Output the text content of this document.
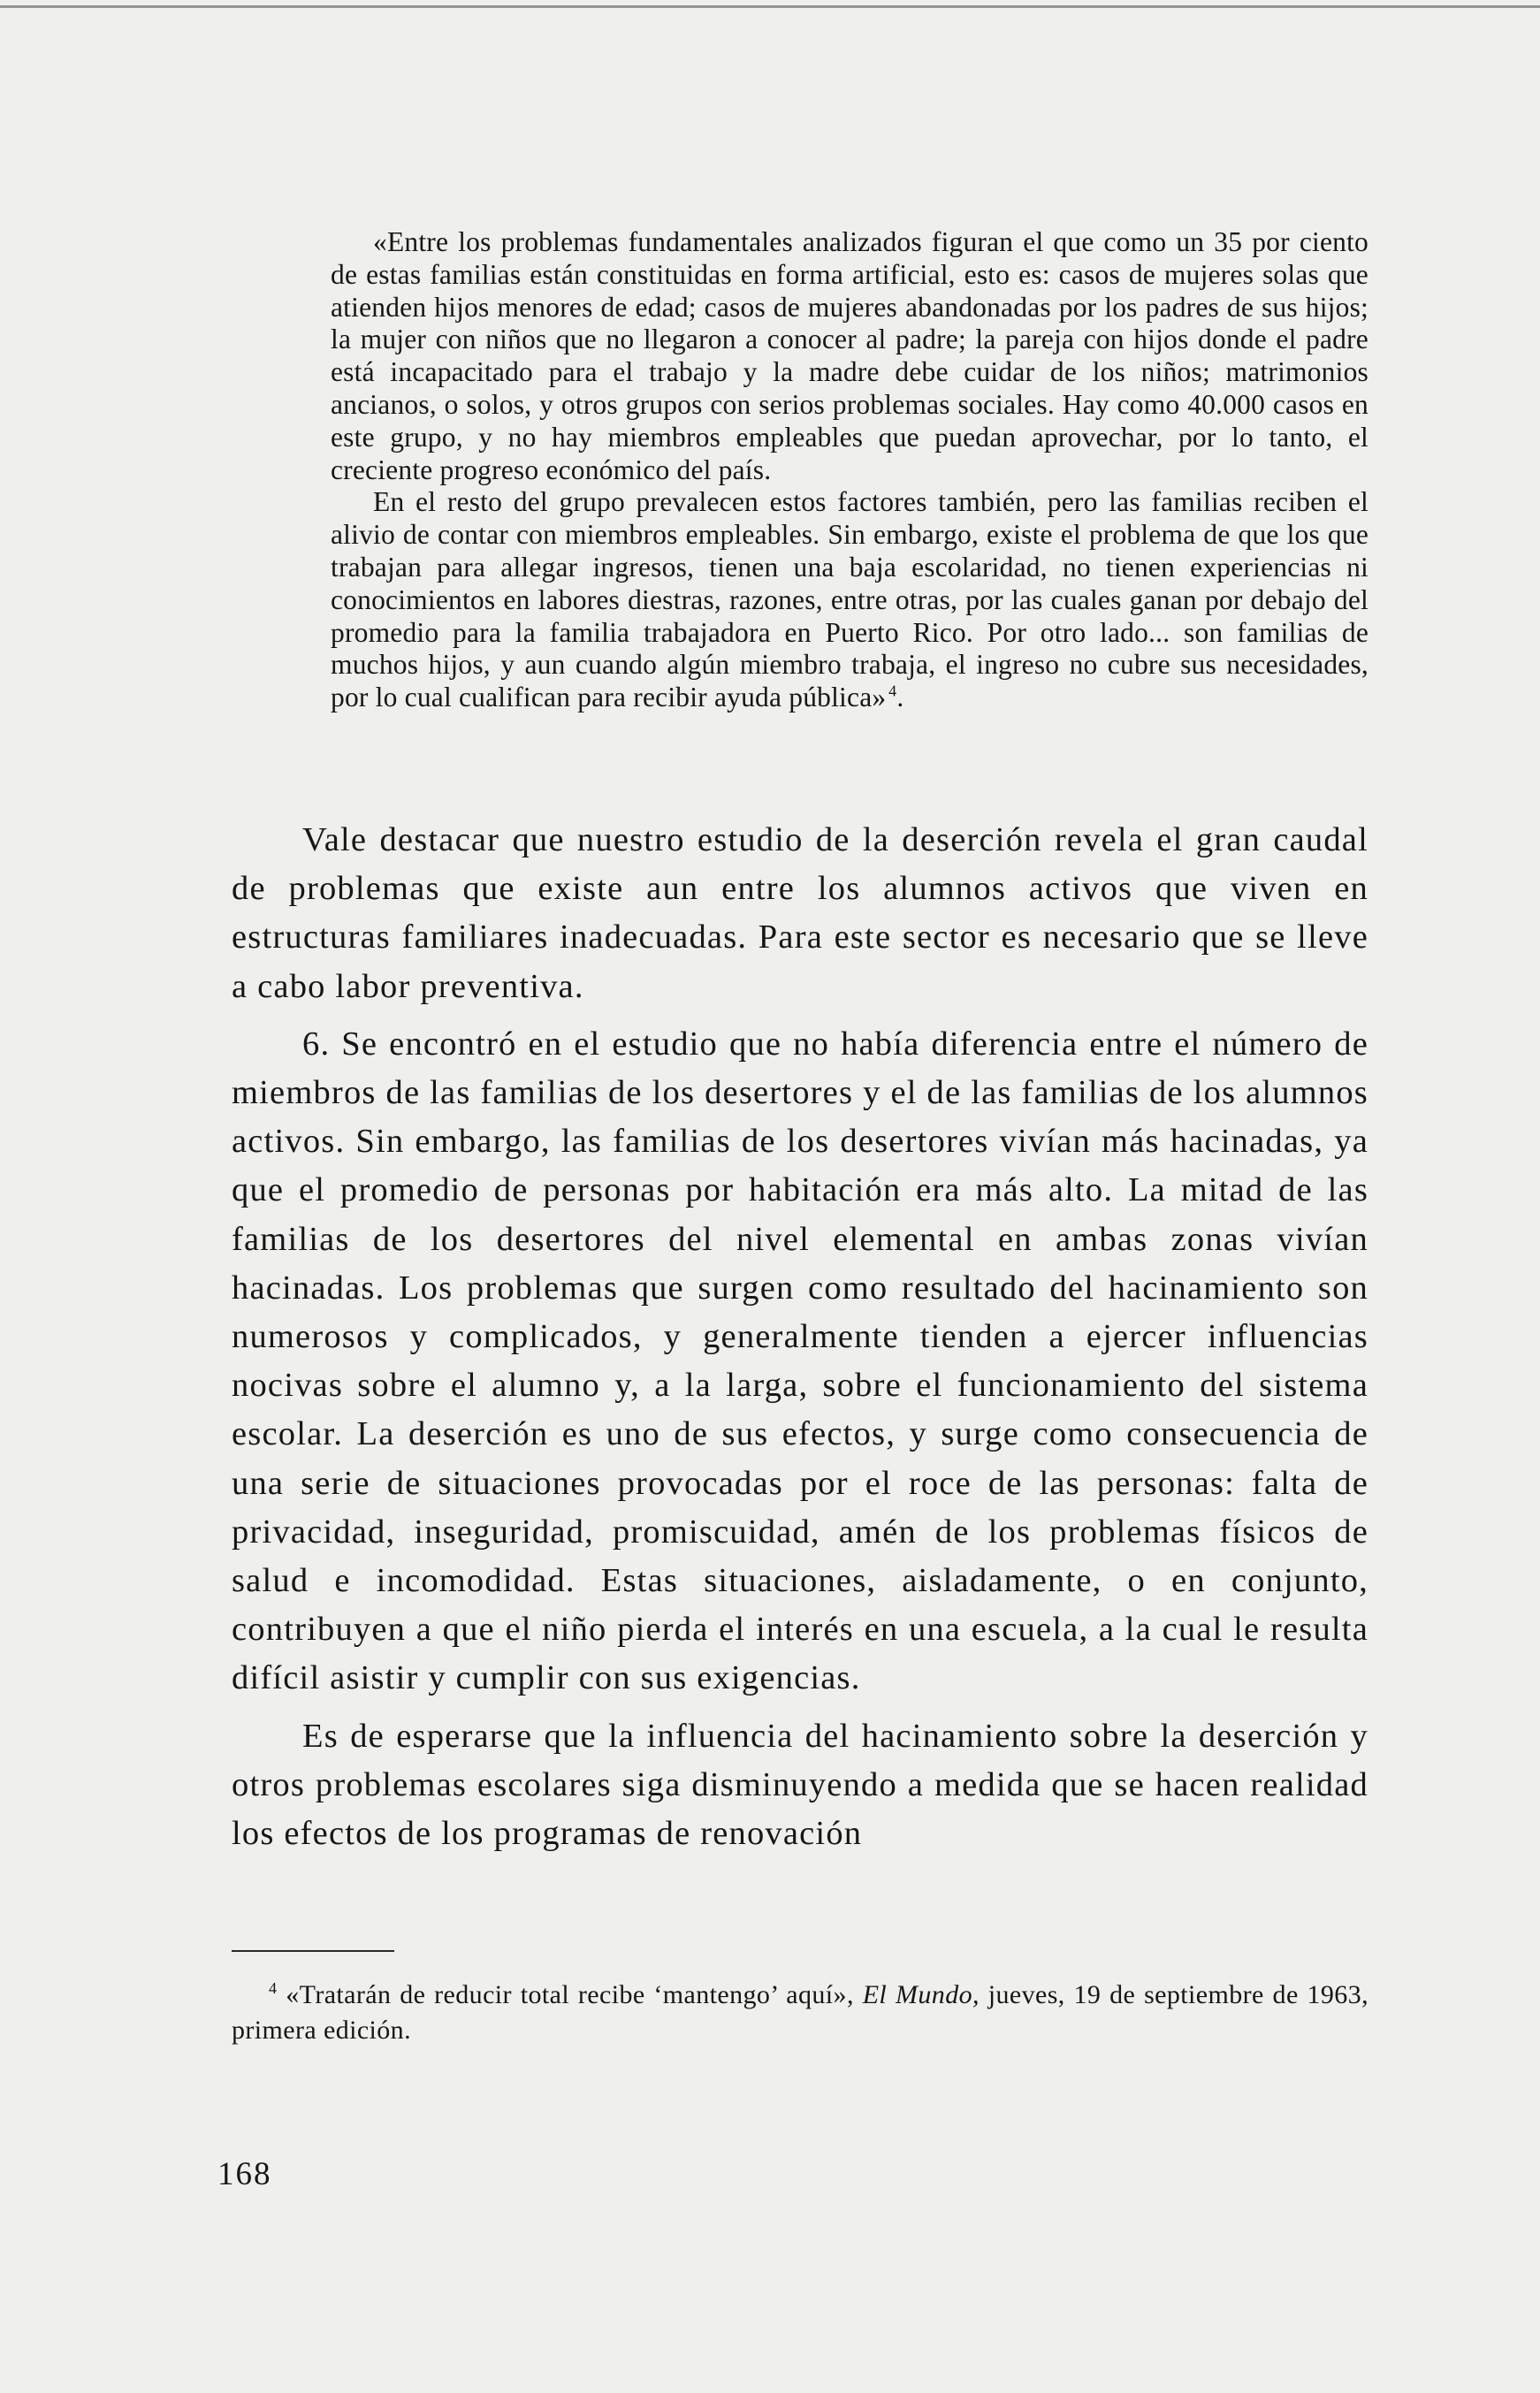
«Entre los problemas fundamentales analizados figuran el que como un 35 por ciento de estas familias están constituidas en forma artificial, esto es: casos de mujeres solas que atienden hijos menores de edad; casos de mujeres abandonadas por los padres de sus hijos; la mujer con niños que no llegaron a conocer al padre; la pareja con hijos donde el padre está incapacitado para el trabajo y la madre debe cuidar de los niños; matrimonios ancianos, o solos, y otros grupos con serios problemas sociales. Hay como 40.000 casos en este grupo, y no hay miembros empleables que puedan aprovechar, por lo tanto, el creciente progreso económico del país.

En el resto del grupo prevalecen estos factores también, pero las familias reciben el alivio de contar con miembros empleables. Sin embargo, existe el problema de que los que trabajan para allegar ingresos, tienen una baja escolaridad, no tienen experiencias ni conocimientos en labores diestras, razones, entre otras, por las cuales ganan por debajo del promedio para la familia trabajadora en Puerto Rico. Por otro lado... son familias de muchos hijos, y aun cuando algún miembro trabaja, el ingreso no cubre sus necesidades, por lo cual cualifican para recibir ayuda pública»  $^4$.

Vale destacar que nuestro estudio de la deserción revela el gran caudal de problemas que existe aun entre los alumnos activos que viven en estructuras familiares inadecuadas. Para este sector es necesario que se lleve a cabo labor preventiva.

6. Se encontró en el estudio que no había diferencia entre el número de miembros de las familias de los desertores y el de las familias de los alumnos activos. Sin embargo, las familias de los desertores vivían más hacinadas, ya que el promedio de personas por habitación era más alto. La mitad de las familias de los desertores del nivel elemental en ambas zonas vivían hacinadas. Los problemas que surgen como resultado del hacinamiento son numerosos y complicados, y generalmente tienden a ejercer influencias nocivas sobre el alumno y, a la larga, sobre el funcionamiento del sistema escolar. La deserción es uno de sus efectos, y surge como consecuencia de una serie de situaciones provocadas por el roce de las personas: falta de privacidad, inseguridad, promiscuidad, amén de los problemas físicos de salud e incomodidad. Estas situaciones, aisladamente, o en conjunto, contribuyen a que el niño pierda el interés en una escuela, a la cual le resulta difícil asistir y cumplir con sus exigencias.

Es de esperarse que la influencia del hacinamiento sobre la deserción y otros problemas escolares siga disminuyendo a medida que se hacen realidad los efectos de los programas de renovación

$^4$ «Tratarán de reducir total recibe ‘mantengo’ aquí», El Mundo, jueves, 19 de septiembre de 1963, primera edición.
168
